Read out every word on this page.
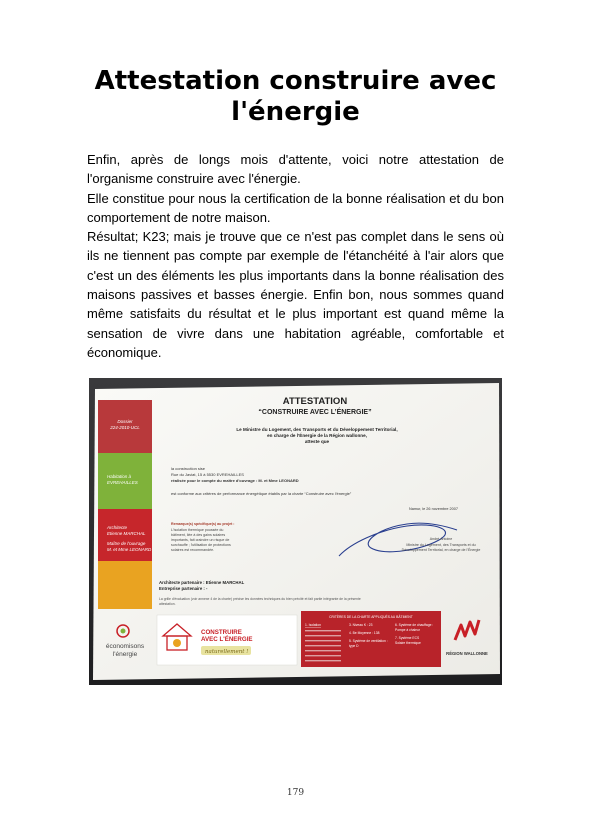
Attestation construire avec l'énergie

Enfin, après de longs mois d'attente, voici notre attestation de l'organisme construire avec l'énergie.

Elle constitue pour nous la certification de la bonne réalisation et du bon comportement de notre maison.

Résultat; K23; mais je trouve que ce n'est pas complet dans le sens où ils ne tiennent pas compte par exemple de l'étanchéité à l'air alors que c'est un des éléments les plus importants dans la bonne réalisation des maisons passives et basses énergie. Enfin bon, nous sommes quand même satisfaits du résultat et le plus important est quand même la sensation de vivre dans une habitation agréable, comfortable et économique.

Dossier
224-2010-UCL
Habitation à
EVREHAILLES
Architecte
Etienne MARCHAL
Maître de l'ouvrage
M. et Mme LEONARD
ATTESTATION
“CONSTRUIRE AVEC L’ÉNERGIE”
Le Ministre du Logement, des Transports et du Développement Territorial,
en charge de l’Énergie de la Région wallonne,
atteste que
la construction sise
Rue du Javiat, 15 à 5530 EVREHAILLES
réalisée pour le compte du maître d'ouvrage : M. et Mme LEONARD
est conforme aux critères de performance énergétique établis par la charte “Construire avec l'énergie”
Namur, le 26 novembre 2007
Remarque(s) spécifique(s) au projet :
L'isolation thermique poussée du
bâtiment, liée à des gains solaires
importants, fait craindre un risque de
surchauffe ; l'utilisation de protections
solaires est recommandée.
André Antoine
Ministre du Logement, des Transports et du
Développement Territorial, en charge de l'Énergie
Architecte partenaire : Etienne MARCHAL
Entreprise partenaire : -
La grille d'évaluation (voir annexe 4 de la charte) précise les données techniques du bien précité et fait partie intégrante de la présente
attestation.
économisons
l'énergie
CONSTRUIRE
AVEC L'ÉNERGIE
naturellement !
CRITÈRES DE LA CHARTE APPLIQUÉS AU BÂTIMENT
1. Isolation	3. Niveau K : 23
4. Be Moyenne : 138
5. Système de ventilation :
type D
6. Système de chauffage :
Pompe à chaleur
7. Système ECS
Solaire thermique
RÉGION WALLONNE
179
